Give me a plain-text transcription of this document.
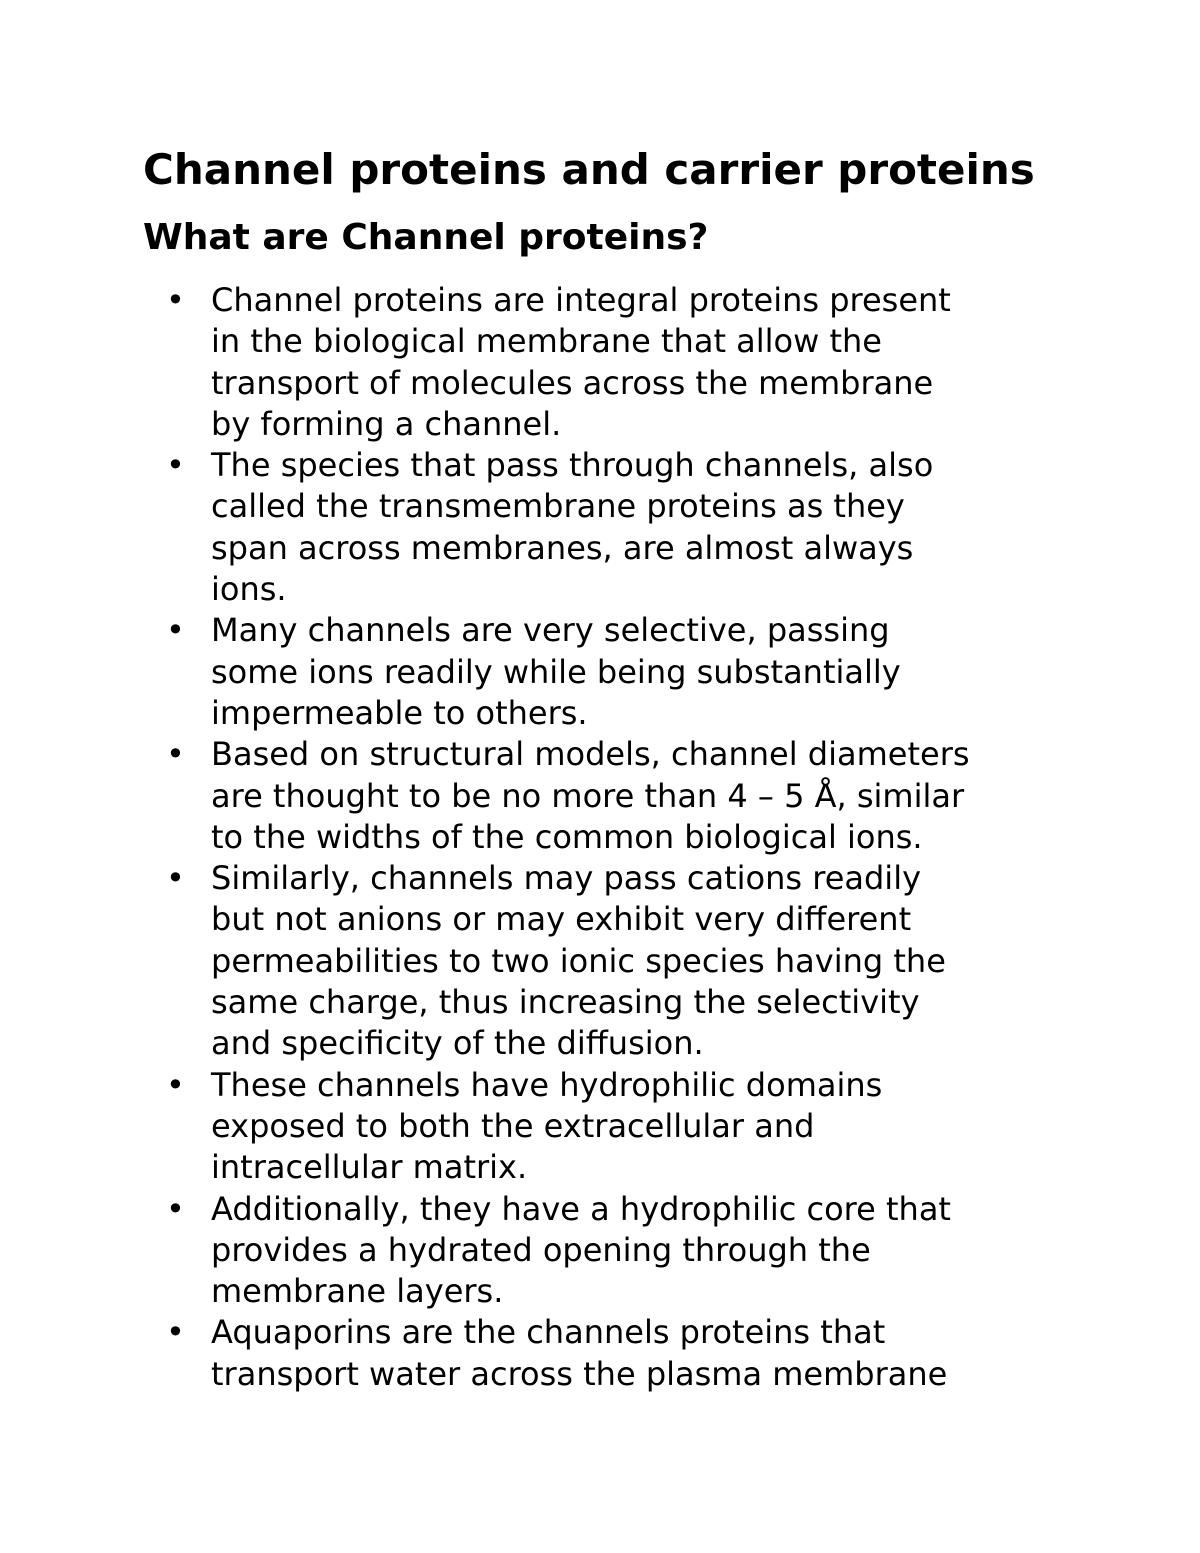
Channel proteins and carrier proteins
What are Channel proteins?
• Channel proteins are integral proteins present
in the biological membrane that allow the
transport of molecules across the membrane
by forming a channel.
• The species that pass through channels, also
called the transmembrane proteins as they
span across membranes, are almost always
ions.
• Many channels are very selective, passing
some ions readily while being substantially
impermeable to others.
• Based on structural models, channel diameters
are thought to be no more than 4 – 5 Å, similar
to the widths of the common biological ions.
• Similarly, channels may pass cations readily
but not anions or may exhibit very different
permeabilities to two ionic species having the
same charge, thus increasing the selectivity
and specificity of the diffusion.
• These channels have hydrophilic domains
exposed to both the extracellular and
intracellular matrix.
• Additionally, they have a hydrophilic core that
provides a hydrated opening through the
membrane layers.
• Aquaporins are the channels proteins that
transport water across the plasma membrane
